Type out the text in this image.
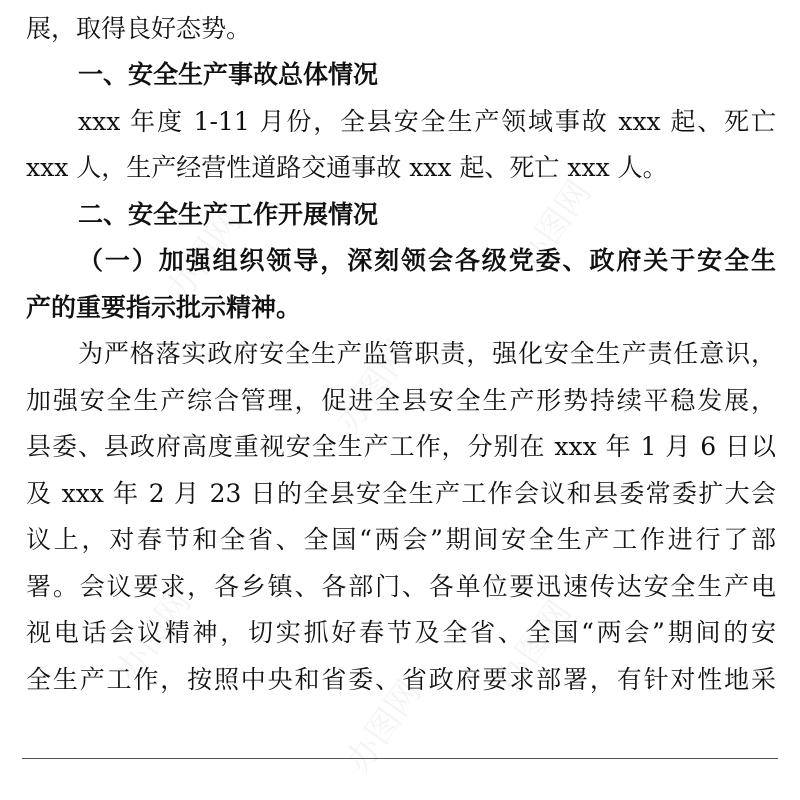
办图网	办图网
办图网
办图网
办图网
办图网
展，取得良好态势。
一、安全生产事故总体情况
xxx 年度 1-11 月份，全县安全生产领域事故 xxx 起、死亡
xxx 人，生产经营性道路交通事故 xxx 起、死亡 xxx 人。
二、安全生产工作开展情况
（一）加强组织领导，深刻领会各级党委、政府关于安全生
产的重要指示批示精神。
为严格落实政府安全生产监管职责，强化安全生产责任意识，
加强安全生产综合管理，促进全县安全生产形势持续平稳发展，
县委、县政府高度重视安全生产工作，分别在 xxx 年 1 月 6 日以
及 xxx 年 2 月 23 日的全县安全生产工作会议和县委常委扩大会
议上，对春节和全省、全国“两会”期间安全生产工作进行了部
署。会议要求，各乡镇、各部门、各单位要迅速传达安全生产电
视电话会议精神，切实抓好春节及全省、全国“两会”期间的安
全生产工作，按照中央和省委、省政府要求部署，有针对性地采
